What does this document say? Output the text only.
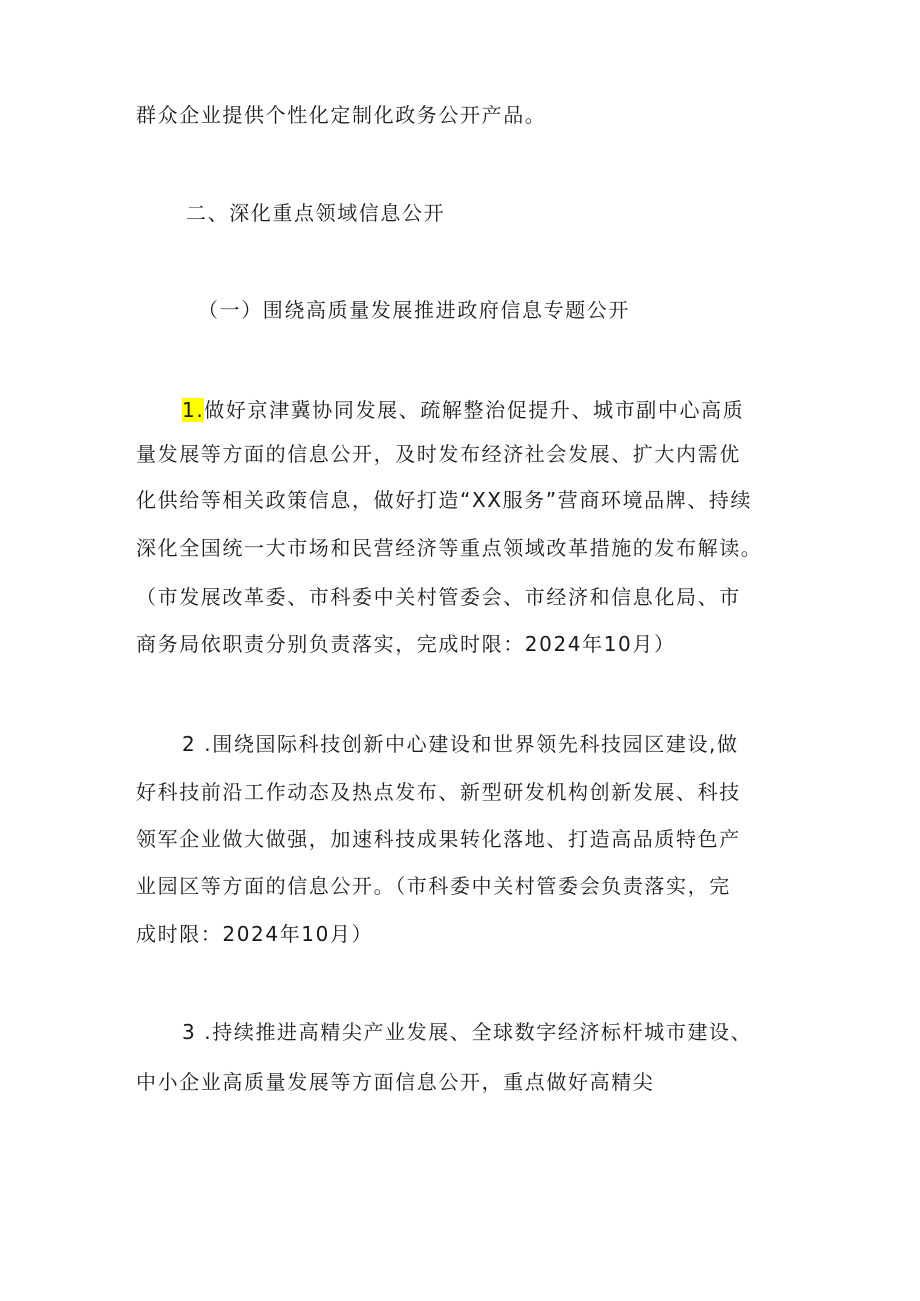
群众企业提供个性化定制化政务公开产品。
二、深化重点领域信息公开
（一）围绕高质量发展推进政府信息专题公开
1.做好京津冀协同发展、疏解整治促提升、城市副中心高质
量发展等方面的信息公开，及时发布经济社会发展、扩大内需优
化供给等相关政策信息，做好打造“XX服务”营商环境品牌、持续
深化全国统一大市场和民营经济等重点领域改革措施的发布解读。
（市发展改革委、市科委中关村管委会、市经济和信息化局、市
商务局依职责分别负责落实，完成时限：2024年10月）
2 .围绕国际科技创新中心建设和世界领先科技园区建设,做
好科技前沿工作动态及热点发布、新型研发机构创新发展、科技
领军企业做大做强，加速科技成果转化落地、打造高品质特色产
业园区等方面的信息公开。（市科委中关村管委会负责落实，完
成时限：2024年10月）
3 .持续推进高精尖产业发展、全球数字经济标杆城市建设、
中小企业高质量发展等方面信息公开，重点做好高精尖
